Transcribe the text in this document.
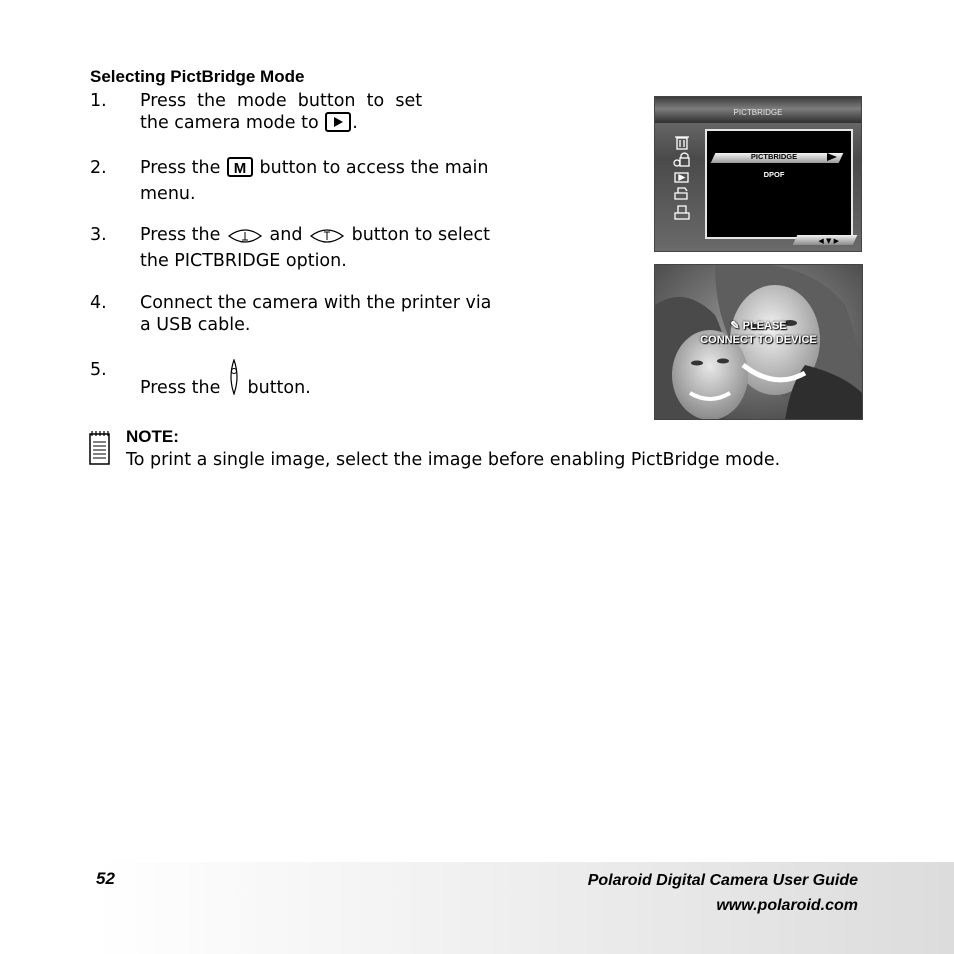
Selecting PictBridge Mode
1. Press  the  mode  button  to  set
the camera mode to .
2. Press the M button to access the main
menu.
3. Press the	and	button to select
the PICTBRIDGE option.
4. Connect the camera with the printer via
a USB cable.
5.
Press the button.
PICTBRIDGE
PICTBRIDGE
DPOF
◀ ▼ ▶
✎ PLEASE
CONNECT TO DEVICE
NOTE:
To print a single image, select the image before enabling PictBridge mode.
52	Polaroid Digital Camera User Guide
www.polaroid.com
